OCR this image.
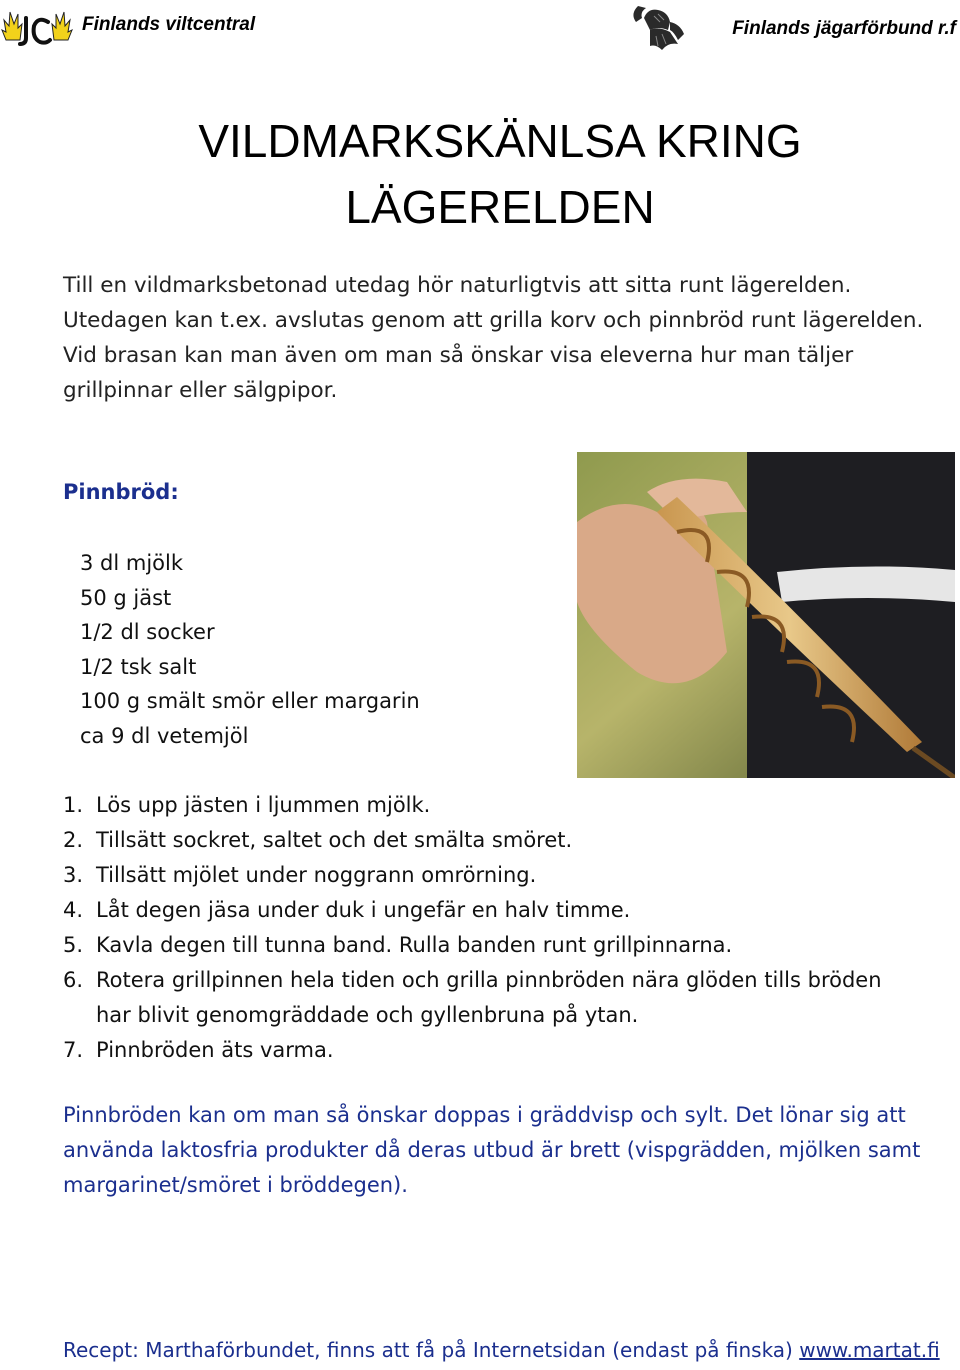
Finlands viltcentral	Finlands jägarförbund r.f
VILDMARKSKÄNLSA KRING
LÄGERELDEN

Till en vildmarksbetonad utedag hör naturligtvis att sitta runt lägerelden. Utedagen kan t.ex. avslutas genom att grilla korv och pinnbröd runt lägerelden. Vid brasan kan man även om man så önskar visa eleverna hur man täljer grillpinnar eller sälgpipor.

Pinnbröd:
3 dl mjölk
50 g jäst
1/2 dl socker
1/2 tsk salt
100 g smält smör eller margarin
ca 9 dl vetemjöl
1. Lös upp jästen i ljummen mjölk.
2. Tillsätt sockret, saltet och det smälta smöret.
3. Tillsätt mjölet under noggrann omrörning.
4. Låt degen jäsa under duk i ungefär en halv timme.
5. Kavla degen till tunna band. Rulla banden runt grillpinnarna.
6. Rotera grillpinnen hela tiden och grilla pinnbröden nära glöden tills bröden har blivit genomgräddade och gyllenbruna på ytan.
7. Pinnbröden äts varma.

Pinnbröden kan om man så önskar doppas i gräddvisp och sylt. Det lönar sig att använda laktosfria produkter då deras utbud är brett (vispgrädden, mjölken samt margarinet/smöret i bröddegen).

Recept: Marthaförbundet, finns att få på Internetsidan (endast på finska) www.martat.fi
